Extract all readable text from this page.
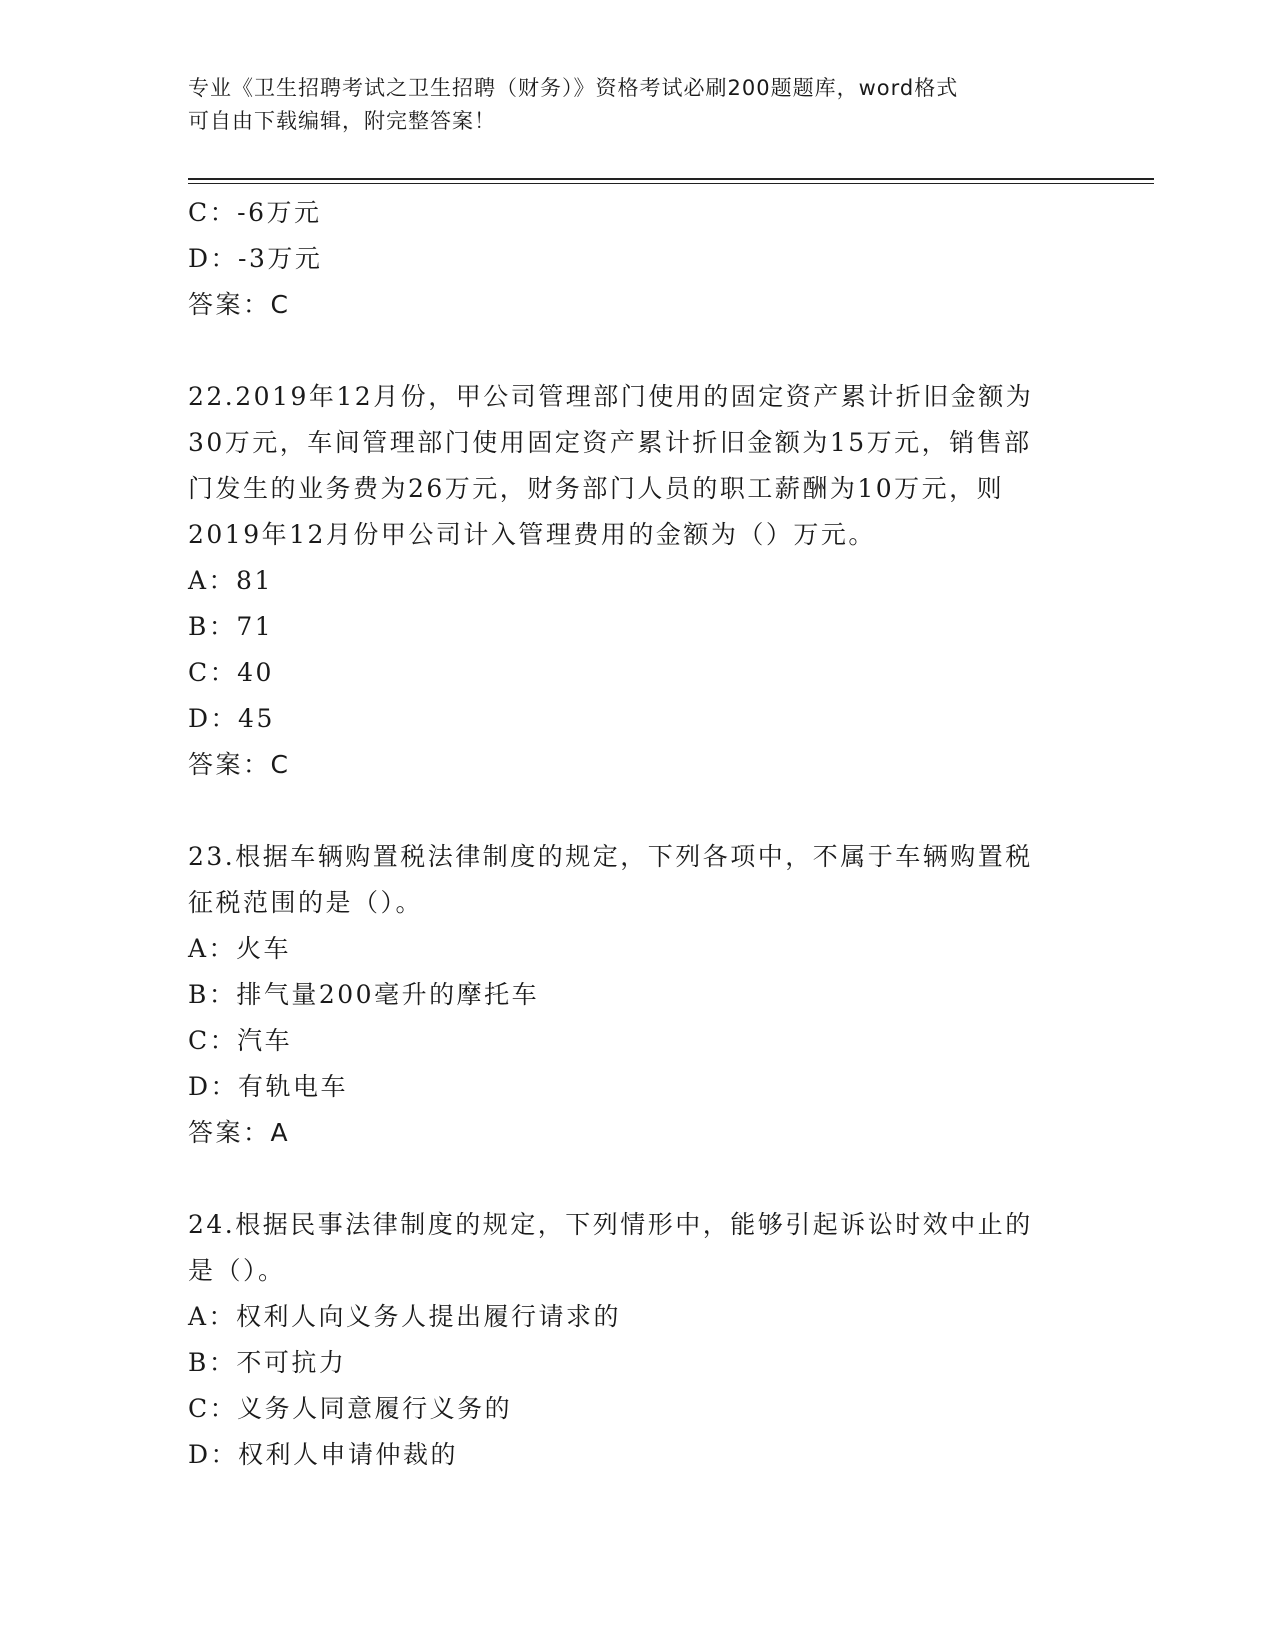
专业《卫生招聘考试之卫生招聘（财务）》资格考试必刷200题题库，word格式
可自由下载编辑，附完整答案！
C：-6万元
D：-3万元
答案：C
22.2019年12月份，甲公司管理部门使用的固定资产累计折旧金额为
30万元，车间管理部门使用固定资产累计折旧金额为15万元，销售部
门发生的业务费为26万元，财务部门人员的职工薪酬为10万元，则
2019年12月份甲公司计入管理费用的金额为（）万元。
A：81
B：71
C：40
D：45
答案：C
23.根据车辆购置税法律制度的规定，下列各项中，不属于车辆购置税
征税范围的是（）。
A：火车
B：排气量200毫升的摩托车
C：汽车
D：有轨电车
答案：A
24.根据民事法律制度的规定，下列情形中，能够引起诉讼时效中止的
是（）。
A：权利人向义务人提出履行请求的
B：不可抗力
C：义务人同意履行义务的
D：权利人申请仲裁的
